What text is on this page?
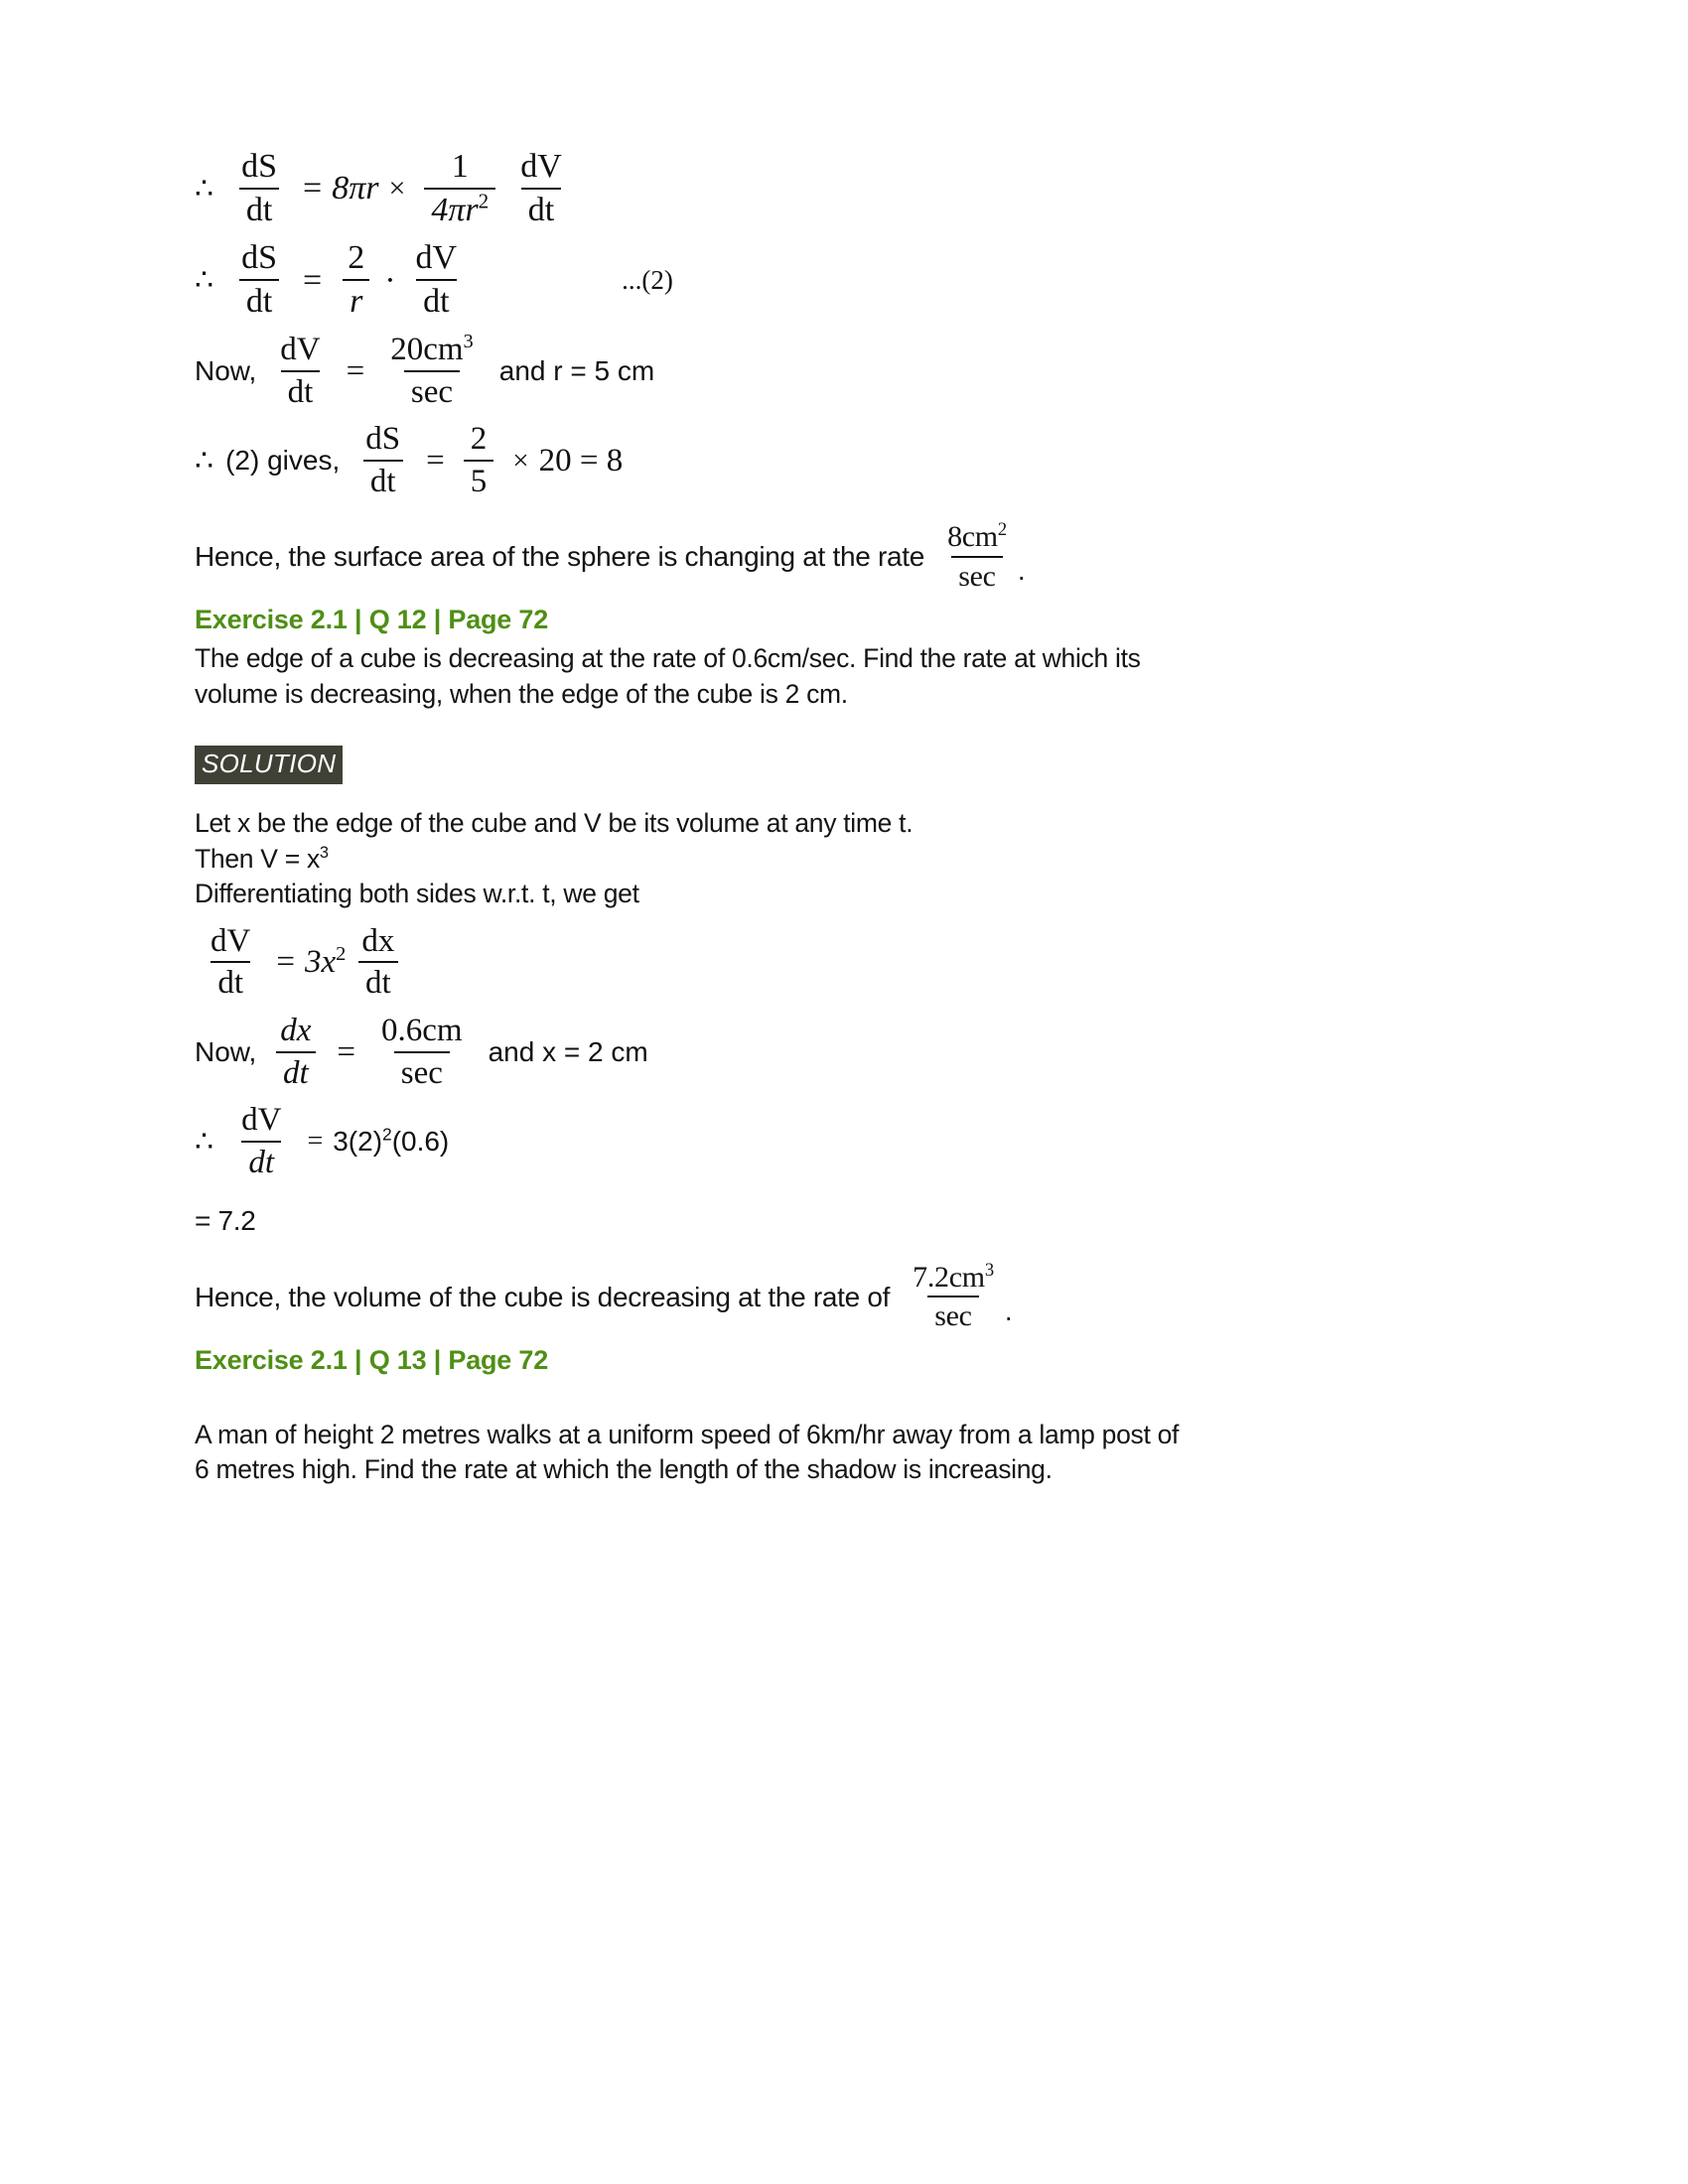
∴ $\frac{dS}{dt} = 8\pi r \times \frac{1}{4\pi r^2} \frac{dV}{dt}$
∴ $\frac{dS}{dt} = \frac{2}{r} \cdot \frac{dV}{dt}$	...(2)
Now, $\frac{dV}{dt} = \frac{20cm^3}{\sec}$ and r = 5 cm
∴ (2) gives, $\frac{dS}{dt} = \frac{2}{5} \times 20 = 8$
Hence, the surface area of the sphere is changing at the rate $\frac{8cm^2}{\sec}$ .
Exercise 2.1 | Q 12 | Page 72
The edge of a cube is decreasing at the rate of 0.6cm/sec. Find the rate at which its
volume is decreasing, when the edge of the cube is 2 cm.
SOLUTION
Let x be the edge of the cube and V be its volume at any time t.
Then $V = x^3$
Differentiating both sides w.r.t. t, we get
$\frac{dV}{dt} = 3x^2 \frac{dx}{dt}$
Now, $\frac{dx}{dt} = \frac{0.6cm}{\sec}$ and x = 2 cm
∴ $\frac{dV}{dt} = 3(2)^2(0.6)$
= 7.2
Hence, the volume of the cube is decreasing at the rate of $\frac{7.2cm^3}{\sec}$ .
Exercise 2.1 | Q 13 | Page 72
A man of height 2 metres walks at a uniform speed of 6km/hr away from a lamp post of
6 metres high. Find the rate at which the length of the shadow is increasing.
